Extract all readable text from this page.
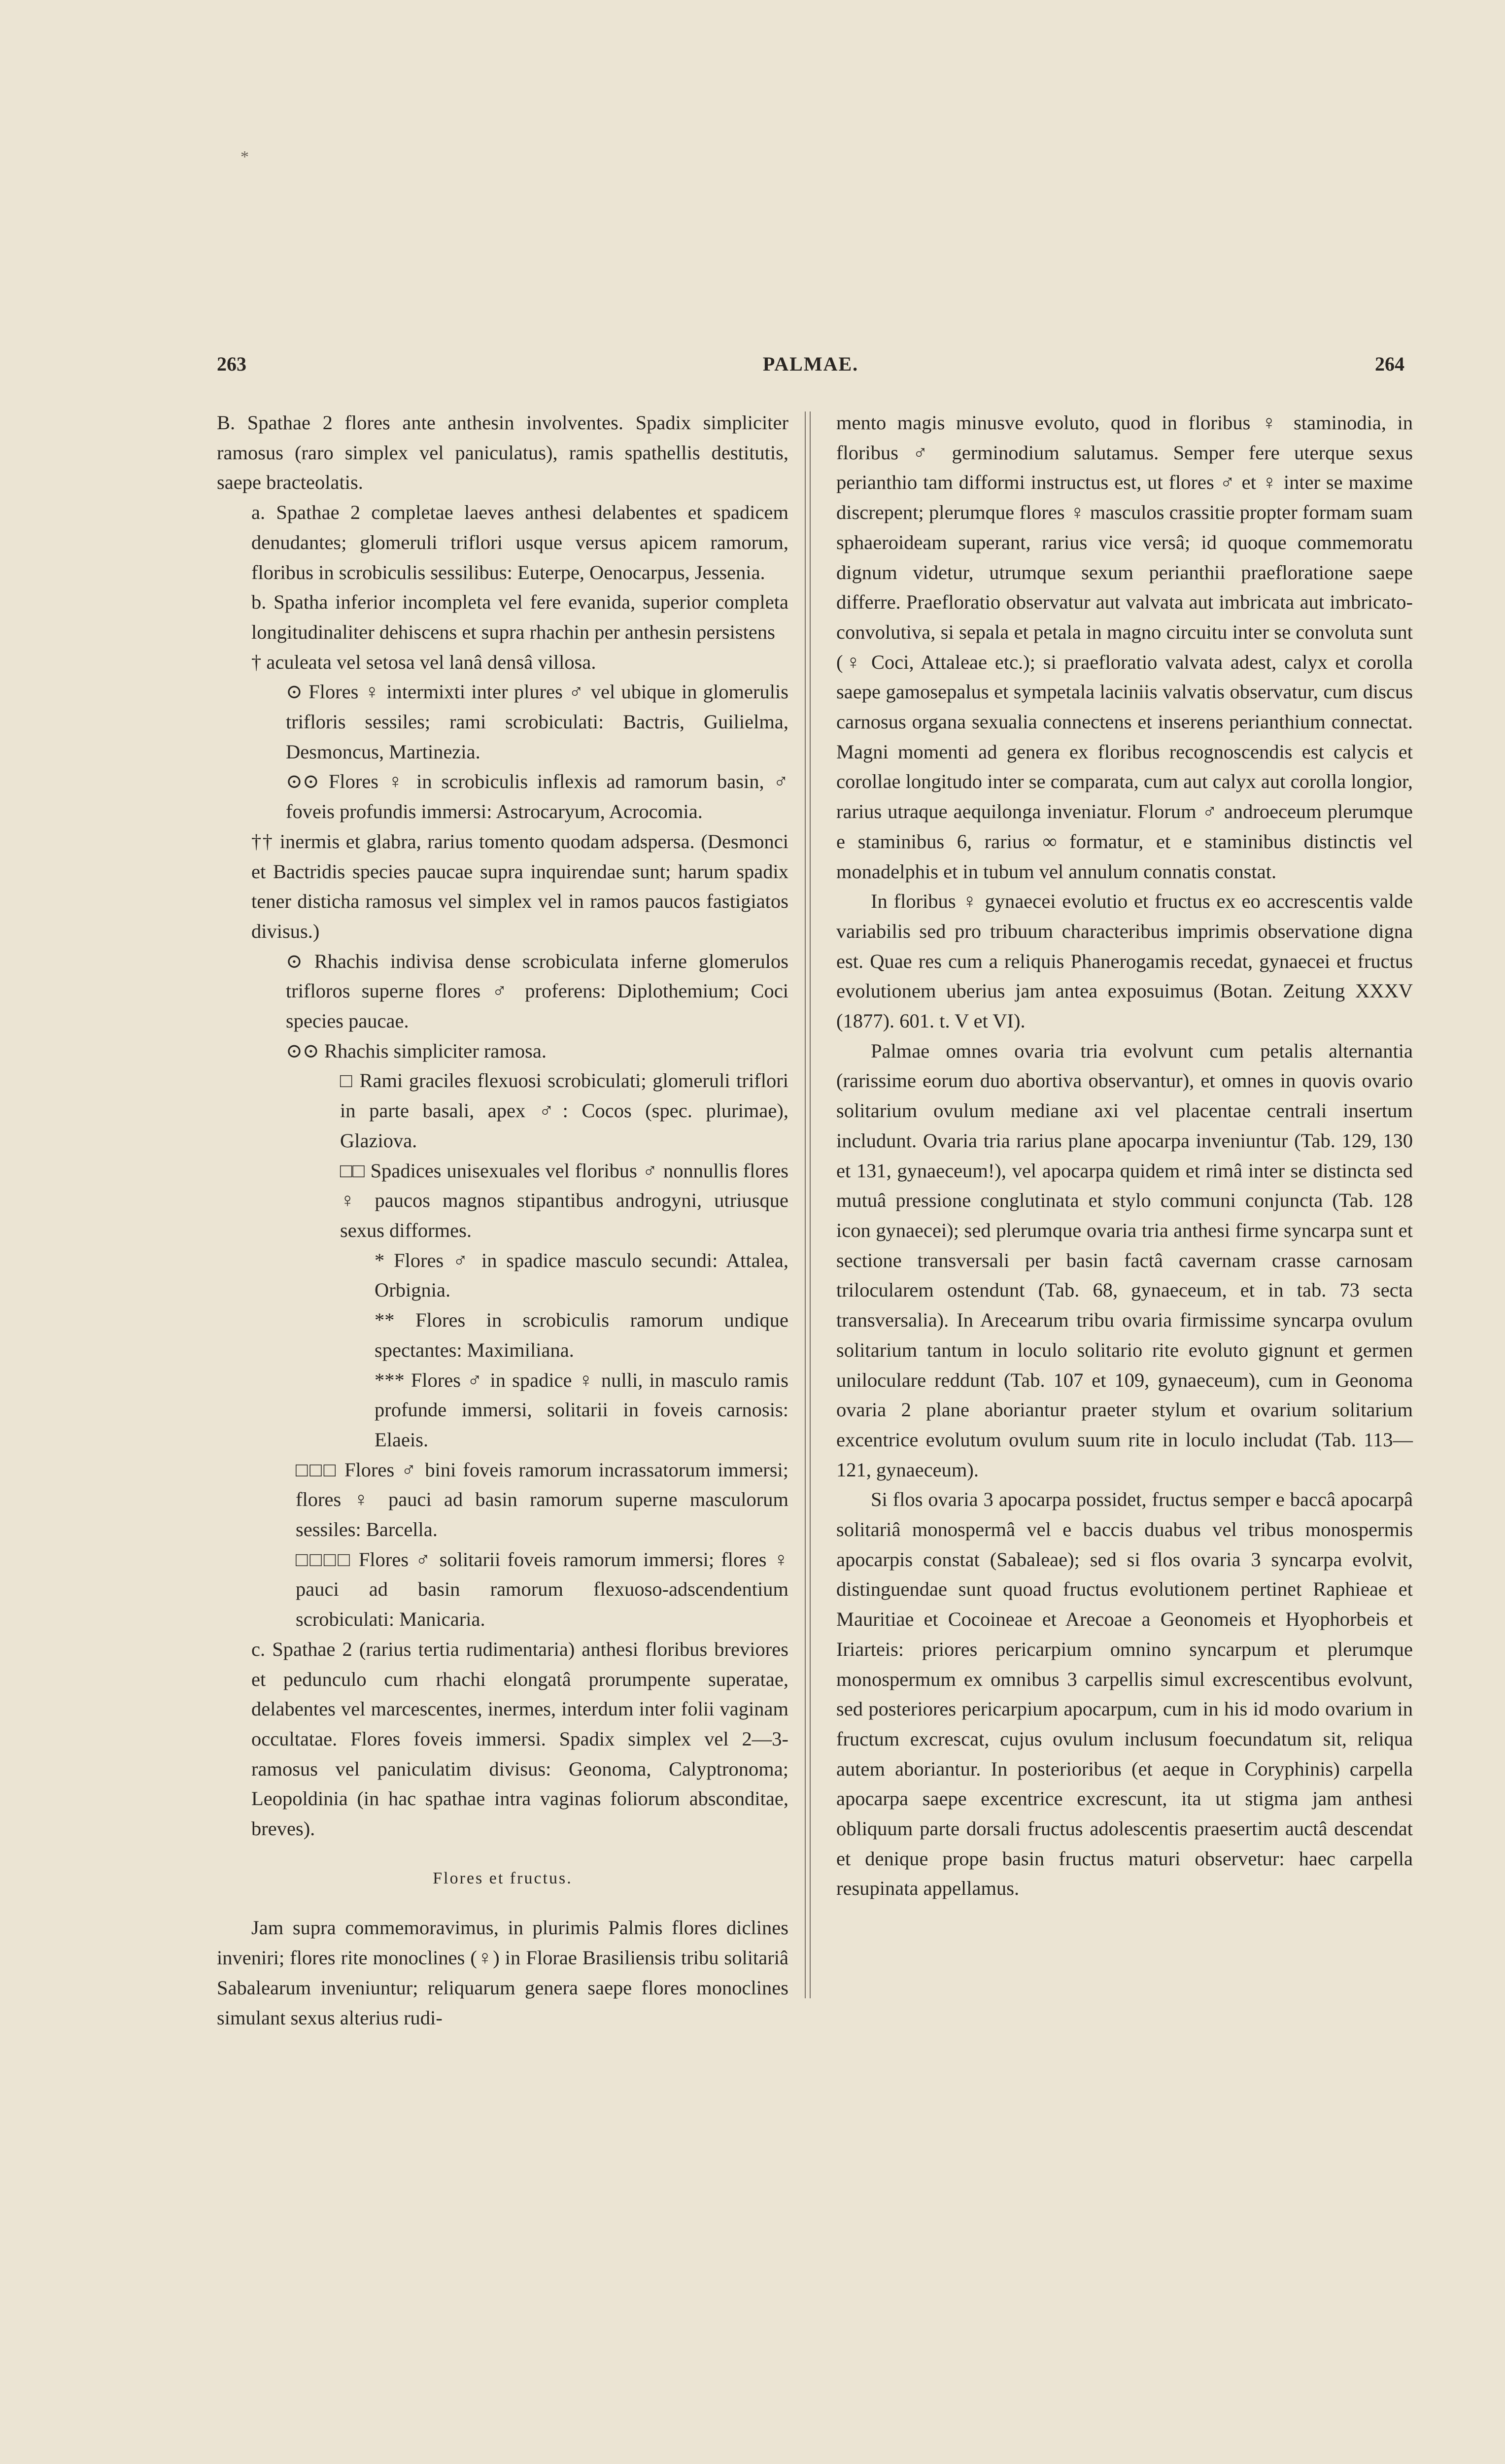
*
263	PALMAE.	264

B. Spathae 2 flores ante anthesin involventes. Spadix simpliciter ramosus (raro simplex vel paniculatus), ramis spathellis destitutis, saepe bracteolatis.

a. Spathae 2 completae laeves anthesi delabentes et spadicem denudantes; glomeruli triflori usque versus apicem ramorum, floribus in scrobiculis sessilibus: Euterpe, Oenocarpus, Jessenia.

b. Spatha inferior incompleta vel fere evanida, superior completa longitudinaliter dehiscens et supra rhachin per anthesin persistens

† aculeata vel setosa vel lanâ densâ villosa.

⊙ Flores ♀ intermixti inter plures ♂ vel ubique in glomerulis trifloris sessiles; rami scrobiculati: Bactris, Guilielma, Desmoncus, Martinezia.

⊙⊙ Flores ♀ in scrobiculis inflexis ad ramorum basin, ♂ foveis profundis immersi: Astrocaryum, Acrocomia.

†† inermis et glabra, rarius tomento quodam adspersa. (Desmonci et Bactridis species paucae supra inquirendae sunt; harum spadix tener disticha ramosus vel simplex vel in ramos paucos fastigiatos divisus.)

⊙ Rhachis indivisa dense scrobiculata inferne glomerulos trifloros superne flores ♂ proferens: Diplothemium; Coci species paucae.

⊙⊙ Rhachis simpliciter ramosa.

□ Rami graciles flexuosi scrobiculati; glomeruli triflori in parte basali, apex ♂: Cocos (spec. plurimae), Glaziova.

□□ Spadices unisexuales vel floribus ♂ nonnullis flores ♀ paucos magnos stipantibus androgyni, utriusque sexus difformes.

* Flores ♂ in spadice masculo secundi: Attalea, Orbignia.

** Flores in scrobiculis ramorum undique spectantes: Maximiliana.

*** Flores ♂ in spadice ♀ nulli, in masculo ramis profunde immersi, solitarii in foveis carnosis: Elaeis.

□□□ Flores ♂ bini foveis ramorum incrassatorum immersi; flores ♀ pauci ad basin ramorum superne masculorum sessiles: Barcella.

□□□□ Flores ♂ solitarii foveis ramorum immersi; flores ♀ pauci ad basin ramorum flexuoso-adscendentium scrobiculati: Manicaria.

c. Spathae 2 (rarius tertia rudimentaria) anthesi floribus breviores et pedunculo cum rhachi elongatâ prorumpente superatae, delabentes vel marcescentes, inermes, interdum inter folii vaginam occultatae. Flores foveis immersi. Spadix simplex vel 2—3-ramosus vel paniculatim divisus: Geonoma, Calyptronoma; Leopoldinia (in hac spathae intra vaginas foliorum absconditae, breves).

Flores et fructus.

Jam supra commemoravimus, in plurimis Palmis flores diclines inveniri; flores rite monoclines (♀) in Florae Brasiliensis tribu solitariâ Sabalearum inveniuntur; reliquarum genera saepe flores monoclines simulant sexus alterius rudi-

mento magis minusve evoluto, quod in floribus ♀ staminodia, in floribus ♂ germinodium salutamus. Semper fere uterque sexus perianthio tam difformi instructus est, ut flores ♂ et ♀ inter se maxime discrepent; plerumque flores ♀ masculos crassitie propter formam suam sphaeroideam superant, rarius vice versâ; id quoque commemoratu dignum videtur, utrumque sexum perianthii praefloratione saepe differre. Praefloratio observatur aut valvata aut imbricata aut imbricato-convolutiva, si sepala et petala in magno circuitu inter se convoluta sunt (♀ Coci, Attaleae etc.); si praefloratio valvata adest, calyx et corolla saepe gamosepalus et sympetala laciniis valvatis observatur, cum discus carnosus organa sexualia connectens et inserens perianthium connectat. Magni momenti ad genera ex floribus recognoscendis est calycis et corollae longitudo inter se comparata, cum aut calyx aut corolla longior, rarius utraque aequilonga inveniatur. Florum ♂ androeceum plerumque e staminibus 6, rarius ∞ formatur, et e staminibus distinctis vel monadelphis et in tubum vel annulum connatis constat.

In floribus ♀ gynaecei evolutio et fructus ex eo accrescentis valde variabilis sed pro tribuum characteribus imprimis observatione digna est. Quae res cum a reliquis Phanerogamis recedat, gynaecei et fructus evolutionem uberius jam antea exposuimus (Botan. Zeitung XXXV (1877). 601. t. V et VI).

Palmae omnes ovaria tria evolvunt cum petalis alternantia (rarissime eorum duo abortiva observantur), et omnes in quovis ovario solitarium ovulum mediane axi vel placentae centrali insertum includunt. Ovaria tria rarius plane apocarpa inveniuntur (Tab. 129, 130 et 131, gynaeceum!), vel apocarpa quidem et rimâ inter se distincta sed mutuâ pressione conglutinata et stylo communi conjuncta (Tab. 128 icon gynaecei); sed plerumque ovaria tria anthesi firme syncarpa sunt et sectione transversali per basin factâ cavernam crasse carnosam trilocularem ostendunt (Tab. 68, gynaeceum, et in tab. 73 secta transversalia). In Arecearum tribu ovaria firmissime syncarpa ovulum solitarium tantum in loculo solitario rite evoluto gignunt et germen uniloculare reddunt (Tab. 107 et 109, gynaeceum), cum in Geonoma ovaria 2 plane aboriantur praeter stylum et ovarium solitarium excentrice evolutum ovulum suum rite in loculo includat (Tab. 113—121, gynaeceum).

Si flos ovaria 3 apocarpa possidet, fructus semper e baccâ apocarpâ solitariâ monospermâ vel e baccis duabus vel tribus monospermis apocarpis constat (Sabaleae); sed si flos ovaria 3 syncarpa evolvit, distinguendae sunt quoad fructus evolutionem pertinet Raphieae et Mauritiae et Cocoineae et Arecoae a Geonomeis et Hyophorbeis et Iriarteis: priores pericarpium omnino syncarpum et plerumque monospermum ex omnibus 3 carpellis simul excrescentibus evolvunt, sed posteriores pericarpium apocarpum, cum in his id modo ovarium in fructum excrescat, cujus ovulum inclusum foecundatum sit, reliqua autem aboriantur. In posterioribus (et aeque in Coryphinis) carpella apocarpa saepe excentrice excrescunt, ita ut stigma jam anthesi obliquum parte dorsali fructus adolescentis praesertim auctâ descendat et denique prope basin fructus maturi observetur: haec carpella resupinata appellamus.
